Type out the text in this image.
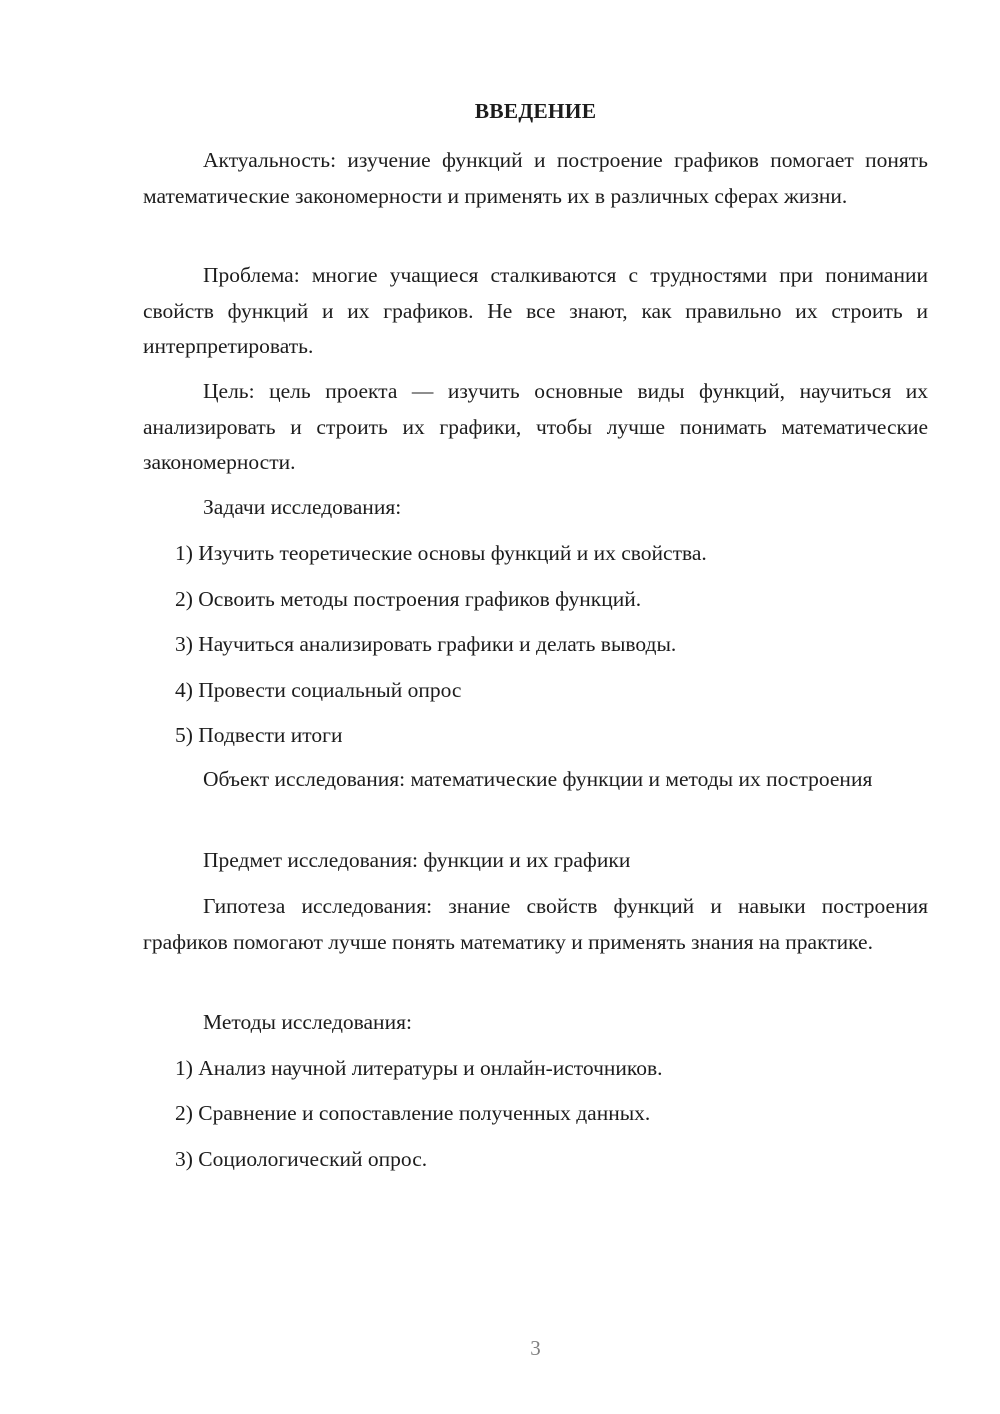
ВВЕДЕНИЕ

Актуальность: изучение функций и построение графиков помогает понять математические закономерности и применять их в различных сферах жизни.

Проблема: многие учащиеся сталкиваются с трудностями при понимании свойств функций и их графиков. Не все знают, как правильно их строить и интерпретировать.

Цель: цель проекта — изучить основные виды функций, научиться их анализировать и строить их графики, чтобы лучше понимать математические закономерности.

Задачи исследования:

1) Изучить теоретические основы функций и их свойства.
2) Освоить методы построения графиков функций.
3) Научиться анализировать графики и делать выводы.
4) Провести социальный опрос
5) Подвести итоги

Объект исследования: математические функции и методы их построения

Предмет исследования: функции и их графики

Гипотеза исследования: знание свойств функций и навыки построения графиков помогают лучше понять математику и применять знания на практике.

Методы исследования:

1) Анализ научной литературы и онлайн-источников.
2) Сравнение и сопоставление полученных данных.
3) Социологический опрос.
3
